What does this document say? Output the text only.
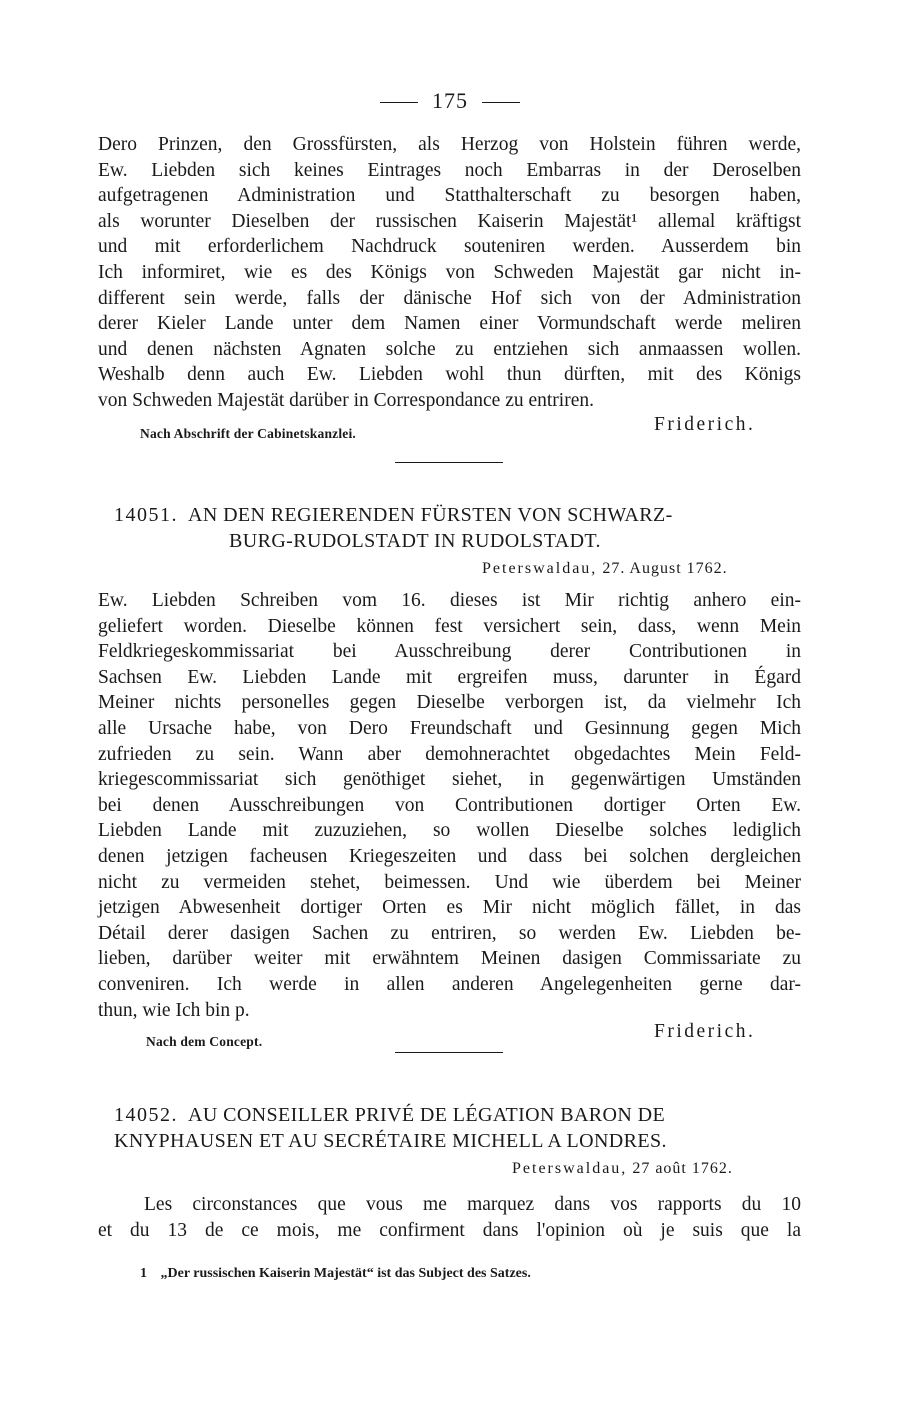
175
Dero Prinzen, den Grossfürsten, als Herzog von Holstein führen werde,
Ew. Liebden sich keines Eintrages noch Embarras in der Deroselben
aufgetragenen Administration und Statthalterschaft zu besorgen haben,
als worunter Dieselben der russischen Kaiserin Majestät¹ allemal kräftigst
und mit erforderlichem Nachdruck souteniren werden. Ausserdem bin
Ich informiret, wie es des Königs von Schweden Majestät gar nicht in-
different sein werde, falls der dänische Hof sich von der Administration
derer Kieler Lande unter dem Namen einer Vormundschaft werde meliren
und denen nächsten Agnaten solche zu entziehen sich anmaassen wollen.
Weshalb denn auch Ew. Liebden wohl thun dürften, mit des Königs
von Schweden Majestät darüber in Correspondance zu entriren.
Nach Abschrift der Cabinetskanzlei.	Friderich.
14051. AN DEN REGIERENDEN FÜRSTEN VON SCHWARZ-
BURG-RUDOLSTADT IN RUDOLSTADT.
Peterswaldau, 27. August 1762.
Ew. Liebden Schreiben vom 16. dieses ist Mir richtig anhero ein-
geliefert worden. Dieselbe können fest versichert sein, dass, wenn Mein
Feldkriegeskommissariat bei Ausschreibung derer Contributionen in
Sachsen Ew. Liebden Lande mit ergreifen muss, darunter in Égard
Meiner nichts personelles gegen Dieselbe verborgen ist, da vielmehr Ich
alle Ursache habe, von Dero Freundschaft und Gesinnung gegen Mich
zufrieden zu sein. Wann aber demohnerachtet obgedachtes Mein Feld-
kriegescommissariat sich genöthiget siehet, in gegenwärtigen Umständen
bei denen Ausschreibungen von Contributionen dortiger Orten Ew.
Liebden Lande mit zuzuziehen, so wollen Dieselbe solches lediglich
denen jetzigen facheusen Kriegeszeiten und dass bei solchen dergleichen
nicht zu vermeiden stehet, beimessen. Und wie überdem bei Meiner
jetzigen Abwesenheit dortiger Orten es Mir nicht möglich fället, in das
Détail derer dasigen Sachen zu entriren, so werden Ew. Liebden be-
lieben, darüber weiter mit erwähntem Meinen dasigen Commissariate zu
conveniren. Ich werde in allen anderen Angelegenheiten gerne dar-
thun, wie Ich bin p.
Nach dem Concept.	Friderich.
14052. AU CONSEILLER PRIVÉ DE LÉGATION BARON DE
KNYPHAUSEN ET AU SECRÉTAIRE MICHELL A LONDRES.
Peterswaldau, 27 août 1762.
Les circonstances que vous me marquez dans vos rapports du 10
et du 13 de ce mois, me confirment dans l'opinion où je suis que la
1 „Der russischen Kaiserin Majestät“ ist das Subject des Satzes.
